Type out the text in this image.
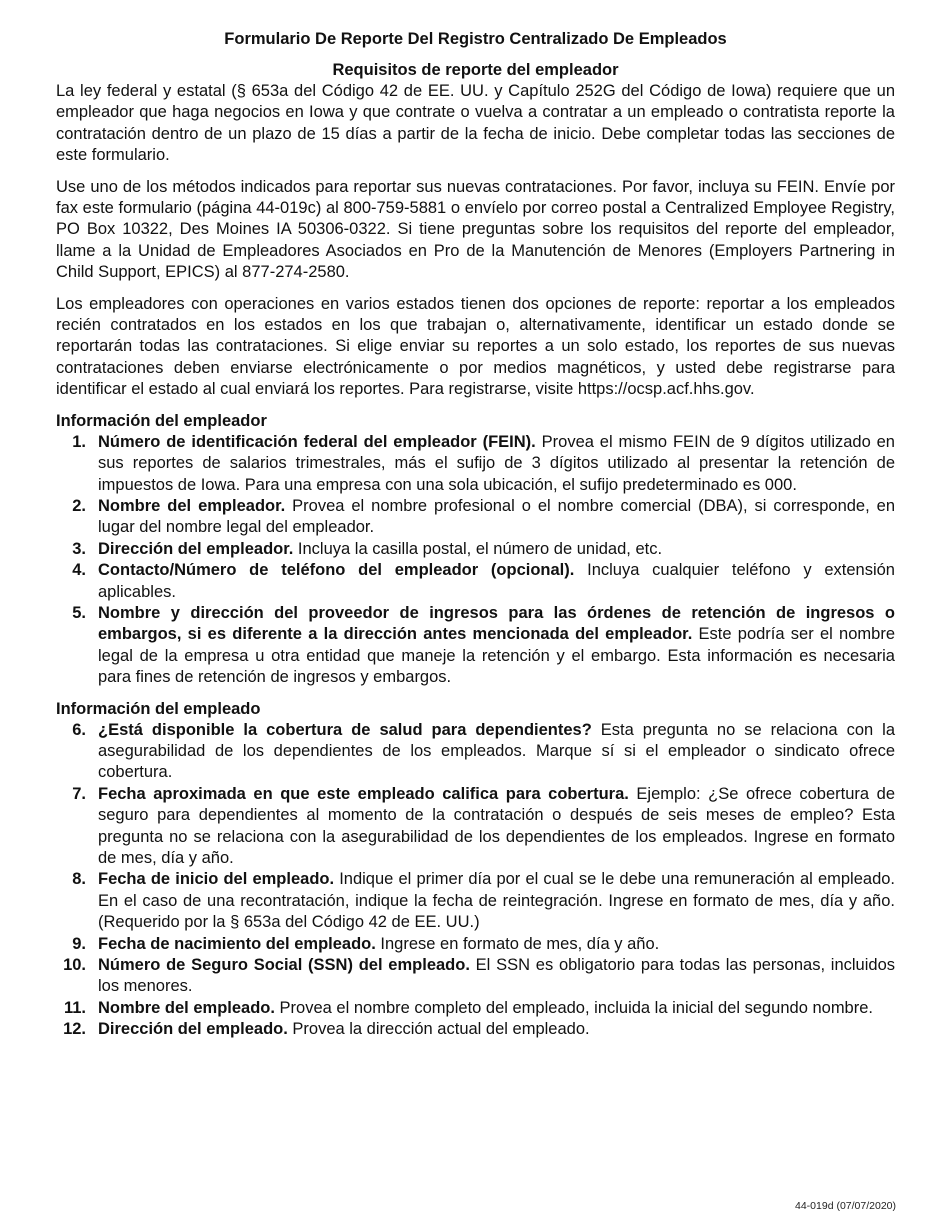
Formulario De Reporte Del Registro Centralizado De Empleados
Requisitos de reporte del empleador

La ley federal y estatal (§ 653a del Código 42 de EE. UU. y Capítulo 252G del Código de Iowa) requiere que un empleador que haga negocios en Iowa y que contrate o vuelva a contratar a un empleado o contratista reporte la contratación dentro de un plazo de 15 días a partir de la fecha de inicio. Debe completar todas las secciones de este formulario.

Use uno de los métodos indicados para reportar sus nuevas contrataciones. Por favor, incluya su FEIN. Envíe por fax este formulario (página 44-019c) al 800-759-5881 o envíelo por correo postal a Centralized Employee Registry, PO Box 10322, Des Moines IA 50306-0322. Si tiene preguntas sobre los requisitos del reporte del empleador, llame a la Unidad de Empleadores Asociados en Pro de la Manutención de Menores (Employers Partnering in Child Support, EPICS) al 877-274-2580.

Los empleadores con operaciones en varios estados tienen dos opciones de reporte: reportar a los empleados recién contratados en los estados en los que trabajan o, alternativamente, identificar un estado donde se reportarán todas las contrataciones. Si elige enviar su reportes a un solo estado, los reportes de sus nuevas contrataciones deben enviarse electrónicamente o por medios magnéticos, y usted debe registrarse para identificar el estado al cual enviará los reportes. Para registrarse, visite https://ocsp.acf.hhs.gov.

Información del empleador
1. Número de identificación federal del empleador (FEIN). Provea el mismo FEIN de 9 dígitos utilizado en sus reportes de salarios trimestrales, más el sufijo de 3 dígitos utilizado al presentar la retención de impuestos de Iowa. Para una empresa con una sola ubicación, el sufijo predeterminado es 000.
2. Nombre del empleador. Provea el nombre profesional o el nombre comercial (DBA), si corresponde, en lugar del nombre legal del empleador.
3. Dirección del empleador. Incluya la casilla postal, el número de unidad, etc.
4. Contacto/Número de teléfono del empleador (opcional). Incluya cualquier teléfono y extensión aplicables.
5. Nombre y dirección del proveedor de ingresos para las órdenes de retención de ingresos o embargos, si es diferente a la dirección antes mencionada del empleador. Este podría ser el nombre legal de la empresa u otra entidad que maneje la retención y el embargo. Esta información es necesaria para fines de retención de ingresos y embargos.
Información del empleado
6. ¿Está disponible la cobertura de salud para dependientes? Esta pregunta no se relaciona con la asegurabilidad de los dependientes de los empleados. Marque sí si el empleador o sindicato ofrece cobertura.
7. Fecha aproximada en que este empleado califica para cobertura. Ejemplo: ¿Se ofrece cobertura de seguro para dependientes al momento de la contratación o después de seis meses de empleo? Esta pregunta no se relaciona con la asegurabilidad de los dependientes de los empleados. Ingrese en formato de mes, día y año.
8. Fecha de inicio del empleado. Indique el primer día por el cual se le debe una remuneración al empleado. En el caso de una recontratación, indique la fecha de reintegración. Ingrese en formato de mes, día y año. (Requerido por la § 653a del Código 42 de EE. UU.)
9. Fecha de nacimiento del empleado. Ingrese en formato de mes, día y año.
10. Número de Seguro Social (SSN) del empleado. El SSN es obligatorio para todas las personas, incluidos los menores.
11. Nombre del empleado. Provea el nombre completo del empleado, incluida la inicial del segundo nombre.
12. Dirección del empleado. Provea la dirección actual del empleado.
44-019d (07/07/2020)
